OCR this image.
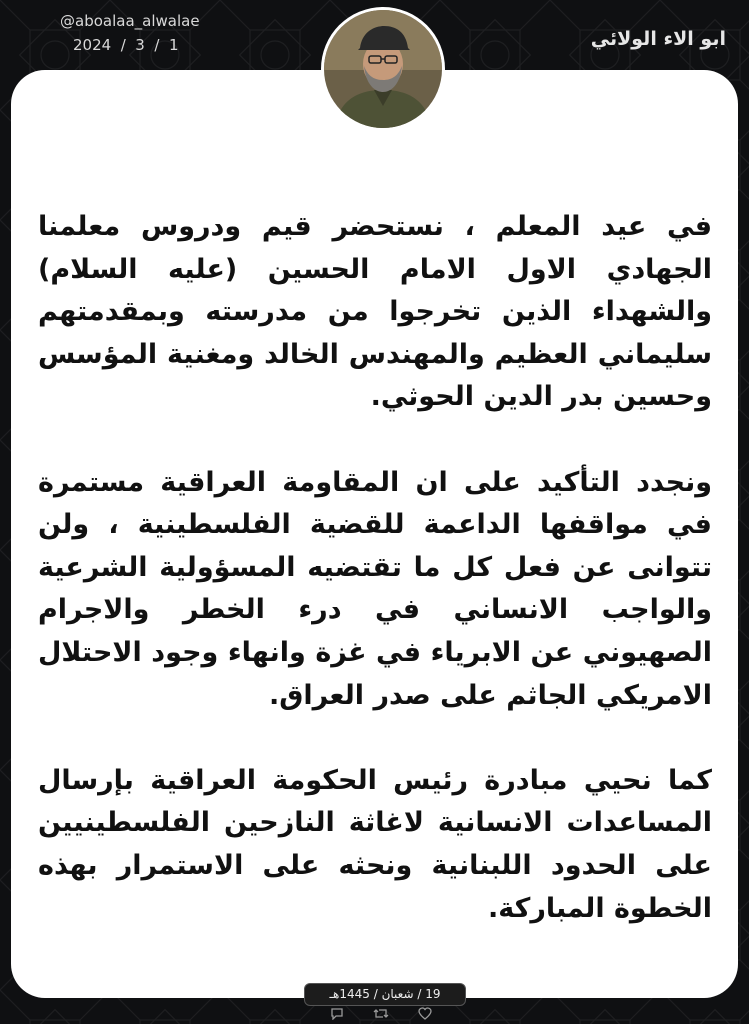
@aboalaa_alwalae
2024  /  3  /  1	ابو الاء الولائي

في عيد المعلم ، نستحضر قيم ودروس معلمنا الجهادي الاول الامام الحسين (عليه السلام) والشهداء الذين تخرجوا من مدرسته وبمقدمتهم سليماني العظيم والمهندس الخالد ومغنية المؤسس وحسين بدر الدين الحوثي.

ونجدد التأكيد على ان المقاومة العراقية مستمرة في مواقفها الداعمة للقضية الفلسطينية ، ولن تتوانى عن فعل كل ما تقتضيه المسؤولية الشرعية والواجب الانساني في درء الخطر والاجرام الصهيوني عن الابرياء في غزة وانهاء وجود الاحتلال الامريكي الجاثم على صدر العراق.

كما نحيي مبادرة رئيس الحكومة العراقية بإرسال المساعدات الانسانية لاغاثة النازحين الفلسطينيين على الحدود اللبنانية ونحثه على الاستمرار بهذه الخطوة المباركة.

19 / شعبان / 1445هـ
